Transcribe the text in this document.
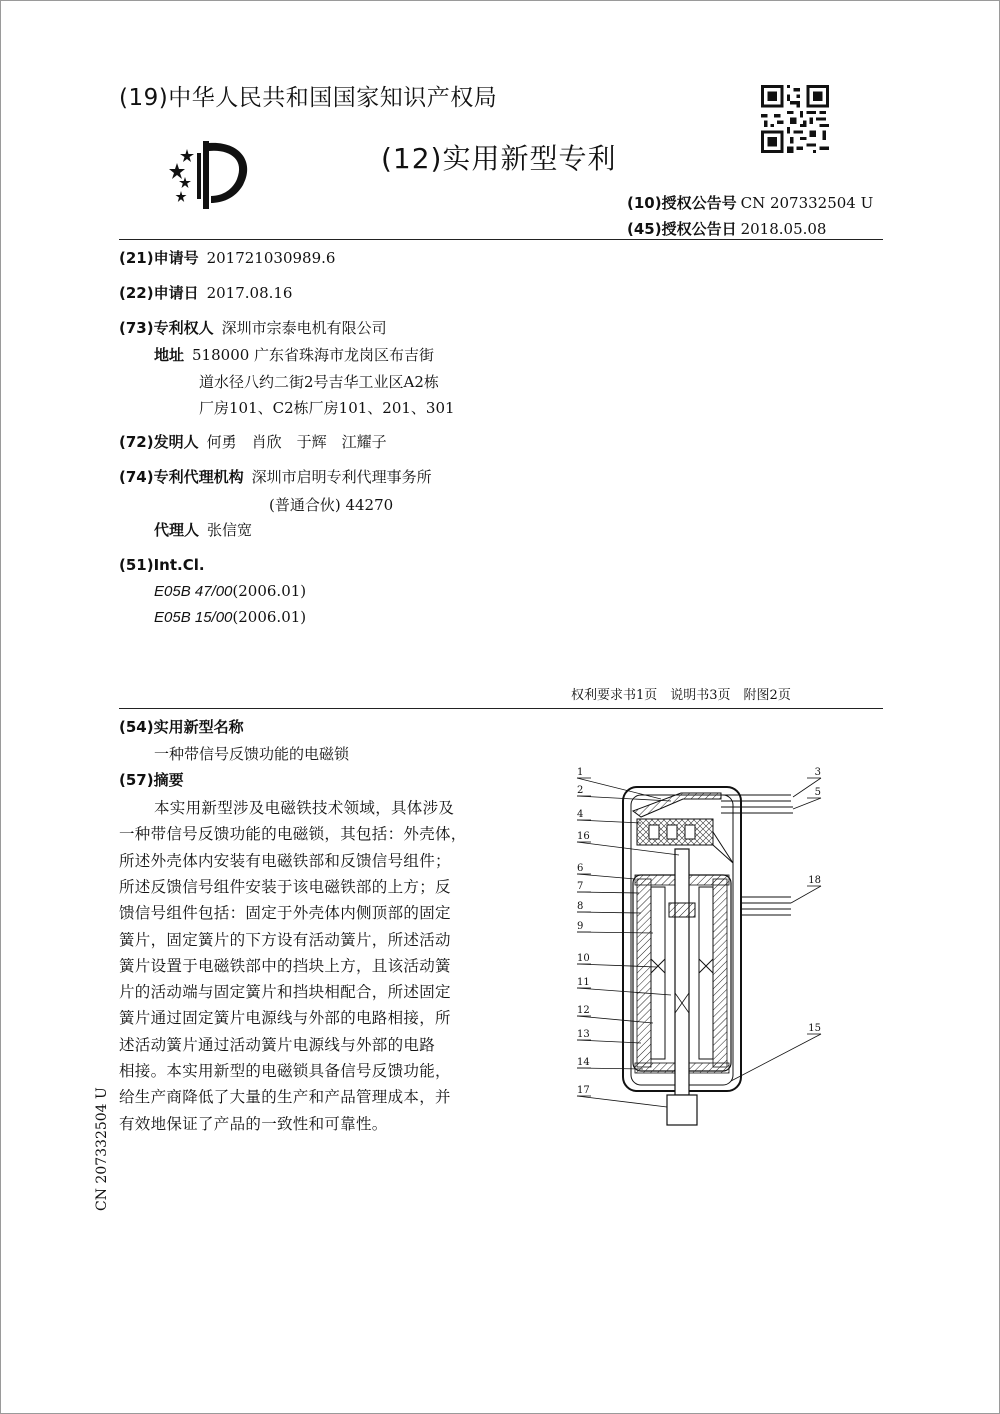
(19)中华人民共和国国家知识产权局
(12)实用新型专利
(10)授权公告号 CN 207332504 U
(45)授权公告日 2018.05.08
(21)申请号 201721030989.6
(22)申请日 2017.08.16
(73)专利权人 深圳市宗泰电机有限公司
地址 518000 广东省珠海市龙岗区布吉街
道水径八约二街2号吉华工业区A2栋
厂房101、C2栋厂房101、201、301
(72)发明人 何勇　肖欣　于辉　江耀子
(74)专利代理机构 深圳市启明专利代理事务所
(普通合伙) 44270
代理人 张信宽
(51)Int.Cl.
E05B 47/00(2006.01)
E05B 15/00(2006.01)
权利要求书1页　说明书3页　附图2页
(54)实用新型名称
一种带信号反馈功能的电磁锁
(57)摘要
本实用新型涉及电磁铁技术领域，具体涉及
一种带信号反馈功能的电磁锁，其包括：外壳体，
所述外壳体内安装有电磁铁部和反馈信号组件；
所述反馈信号组件安装于该电磁铁部的上方；反
馈信号组件包括：固定于外壳体内侧顶部的固定
簧片，固定簧片的下方设有活动簧片，所述活动
簧片设置于电磁铁部中的挡块上方，且该活动簧
片的活动端与固定簧片和挡块相配合，所述固定
簧片通过固定簧片电源线与外部的电路相接，所
述活动簧片通过活动簧片电源线与外部的电路
相接。本实用新型的电磁锁具备信号反馈功能，
给生产商降低了大量的生产和产品管理成本，并
有效地保证了产品的一致性和可靠性。
1
2
4
16
6
7
8
9
10
11
12
13
14
17
3
5
18
15
CN 207332504 U
